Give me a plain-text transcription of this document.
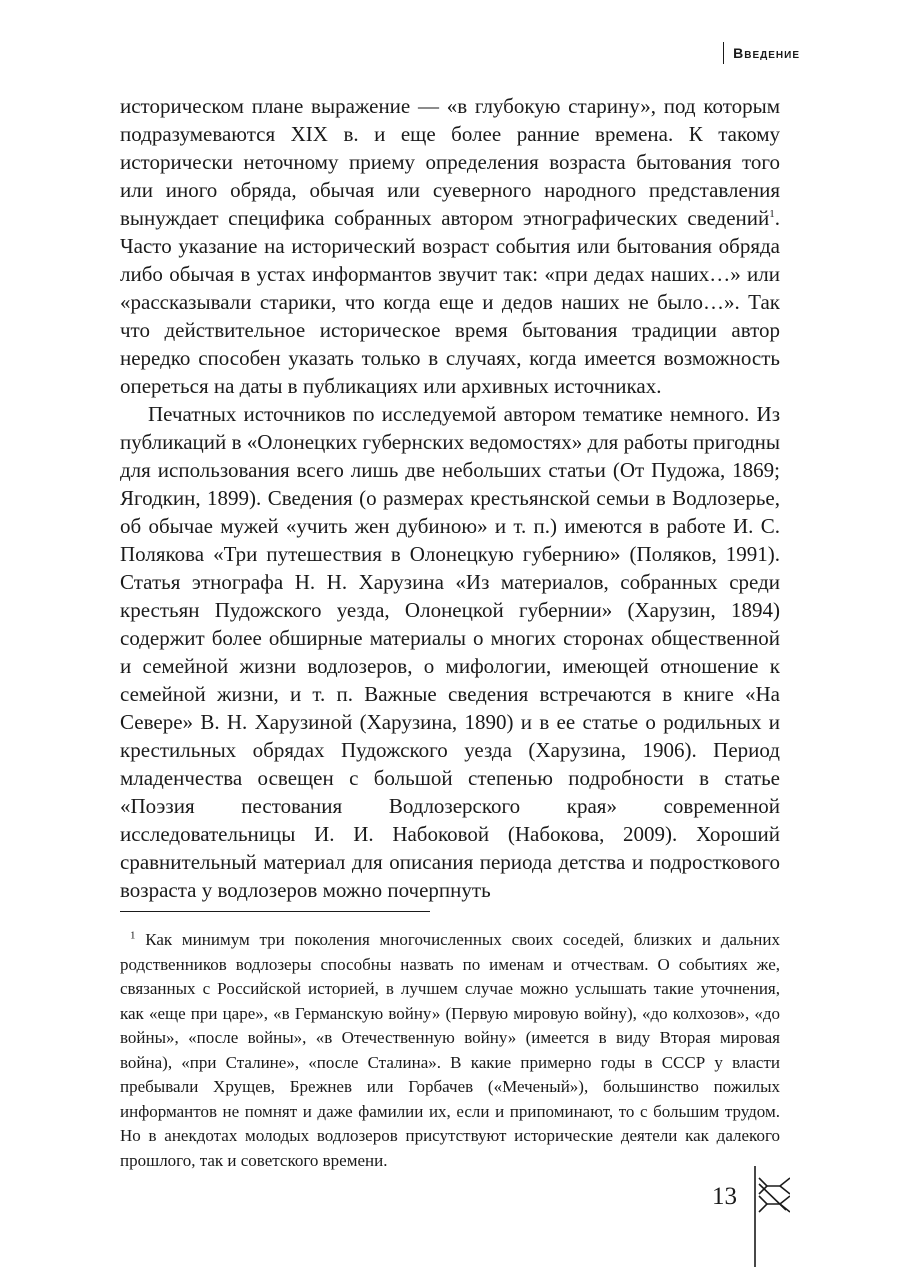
Введение

историческом плане выражение — «в глубокую старину», под которым подразумеваются XIX в. и еще более ранние времена. К такому исторически неточному приему определения возраста бытования того или иного обряда, обычая или суеверного народного представления вынуждает специфика собранных автором этнографических сведений$^1$. Часто указание на исторический возраст события или бытования обряда либо обычая в устах информантов звучит так: «при дедах наших…» или «рассказывали старики, что когда еще и дедов наших не было…». Так что действительное историческое время бытования традиции автор нередко способен указать только в случаях, когда имеется возможность опереться на даты в публикациях или архивных источниках.

Печатных источников по исследуемой автором тематике немного. Из публикаций в «Олонецких губернских ведомостях» для работы пригодны для использования всего лишь две небольших статьи (От Пудожа, 1869; Ягодкин, 1899). Сведения (о размерах крестьянской семьи в Водлозерье, об обычае мужей «учить жен дубиною» и т. п.) имеются в работе И. С. Полякова «Три путешествия в Олонецкую губернию» (Поляков, 1991). Статья этнографа Н. Н. Харузина «Из материалов, собранных среди крестьян Пудожского уезда, Олонецкой губернии» (Харузин, 1894) содержит более обширные материалы о многих сторонах общественной и семейной жизни водлозеров, о мифологии, имеющей отношение к семейной жизни, и т. п. Важные сведения встречаются в книге «На Севере» В. Н. Харузиной (Харузина, 1890) и в ее статье о родильных и крестильных обрядах Пудожского уезда (Харузина, 1906). Период младенчества освещен с большой степенью подробности в статье «Поэзия пестования Водлозерского края» современной исследовательницы И. И. Набоковой (Набокова, 2009). Хороший сравнительный материал для описания периода детства и подросткового возраста у водлозеров можно почерпнуть

$^1$ Как минимум три поколения многочисленных своих соседей, близких и дальних родственников водлозеры способны назвать по именам и отчествам. О событиях же, связанных с Российской историей, в лучшем случае можно услышать такие уточнения, как «еще при царе», «в Германскую войну» (Первую мировую войну), «до колхозов», «до войны», «после войны», «в Отечественную войну» (имеется в виду Вторая мировая война), «при Сталине», «после Сталина». В какие примерно годы в СССР у власти пребывали Хрущев, Брежнев или Горбачев («Меченый»), большинство пожилых информантов не помнят и даже фамилии их, если и припоминают, то с большим трудом. Но в анекдотах молодых водлозеров присутствуют исторические деятели как далекого прошлого, так и советского времени.

13
